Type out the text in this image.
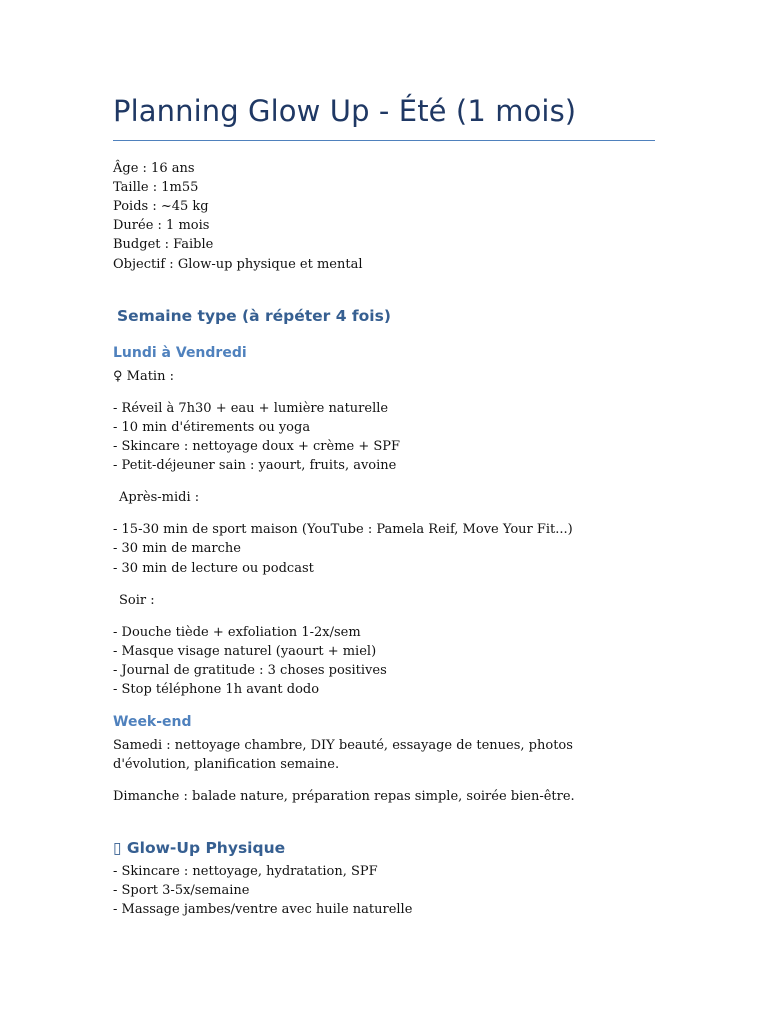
Planning Glow Up - Été (1 mois)
Âge : 16 ans
Taille : 1m55
Poids : ~45 kg
Durée : 1 mois
Budget : Faible
Objectif : Glow-up physique et mental
Semaine type (à répéter 4 fois)
Lundi à Vendredi
♀ Matin :
- Réveil à 7h30 + eau + lumière naturelle
- 10 min d'étirements ou yoga
- Skincare : nettoyage doux + crème + SPF
- Petit-déjeuner sain : yaourt, fruits, avoine
Après-midi :
- 15-30 min de sport maison (YouTube : Pamela Reif, Move Your Fit...)
- 30 min de marche
- 30 min de lecture ou podcast
Soir :
- Douche tiède + exfoliation 1-2x/sem
- Masque visage naturel (yaourt + miel)
- Journal de gratitude : 3 choses positives
- Stop téléphone 1h avant dodo
Week-end
Samedi : nettoyage chambre, DIY beauté, essayage de tenues, photos d'évolution, planification semaine.
Dimanche : balade nature, préparation repas simple, soirée bien-être.
▯ Glow-Up Physique
- Skincare : nettoyage, hydratation, SPF
- Sport 3-5x/semaine
- Massage jambes/ventre avec huile naturelle
